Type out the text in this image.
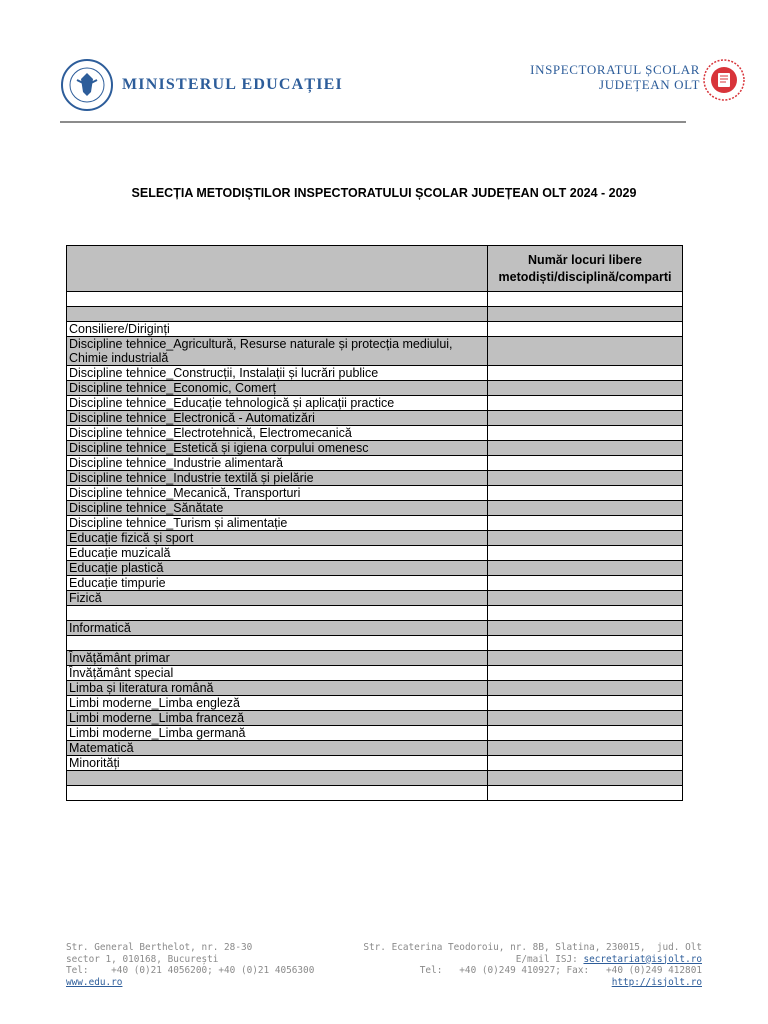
MINISTERUL EDUCAȚIEI
INSPECTORATUL ȘCOLAR
JUDEȚEAN OLT
SELECȚIA METODIȘTILOR INSPECTORATULUI ȘCOLAR JUDEȚEAN OLT 2024 - 2029
	Număr locuri libere
metodiști/disciplină/comparti

Consiliere/Diriginți	
Discipline tehnice_Agricultură, Resurse naturale și protecția mediului, Chimie industrială	
Discipline tehnice_Construcții, Instalații și lucrări publice	
Discipline tehnice_Economic, Comerț	
Discipline tehnice_Educație tehnologică și aplicații practice	
Discipline tehnice_Electronică - Automatizări	
Discipline tehnice_Electrotehnică, Electromecanică	
Discipline tehnice_Estetică și igiena corpului omenesc	
Discipline tehnice_Industrie alimentară	
Discipline tehnice_Industrie textilă și pielărie	
Discipline tehnice_Mecanică, Transporturi	
Discipline tehnice_Sănătate	
Discipline tehnice_Turism și alimentație	
Educație fizică și sport	
Educație muzicală	
Educație plastică	
Educație timpurie	
Fizică	

Informatică	

Învățământ primar	
Învățământ special	
Limba și literatura română	
Limbi moderne_Limba engleză	
Limbi moderne_Limba franceză	
Limbi moderne_Limba germană	
Matematică	
Minorități	

Str. General Berthelot, nr. 28-30
sector 1, 010168, București
Tel:    +40 (0)21 4056200; +40 (0)21 4056300
www.edu.ro
Str. Ecaterina Teodoroiu, nr. 8B, Slatina, 230015,  jud. Olt
E/mail ISJ: secretariat@isjolt.ro
Tel:   +40 (0)249 410927; Fax:   +40 (0)249 412801
http://isjolt.ro
